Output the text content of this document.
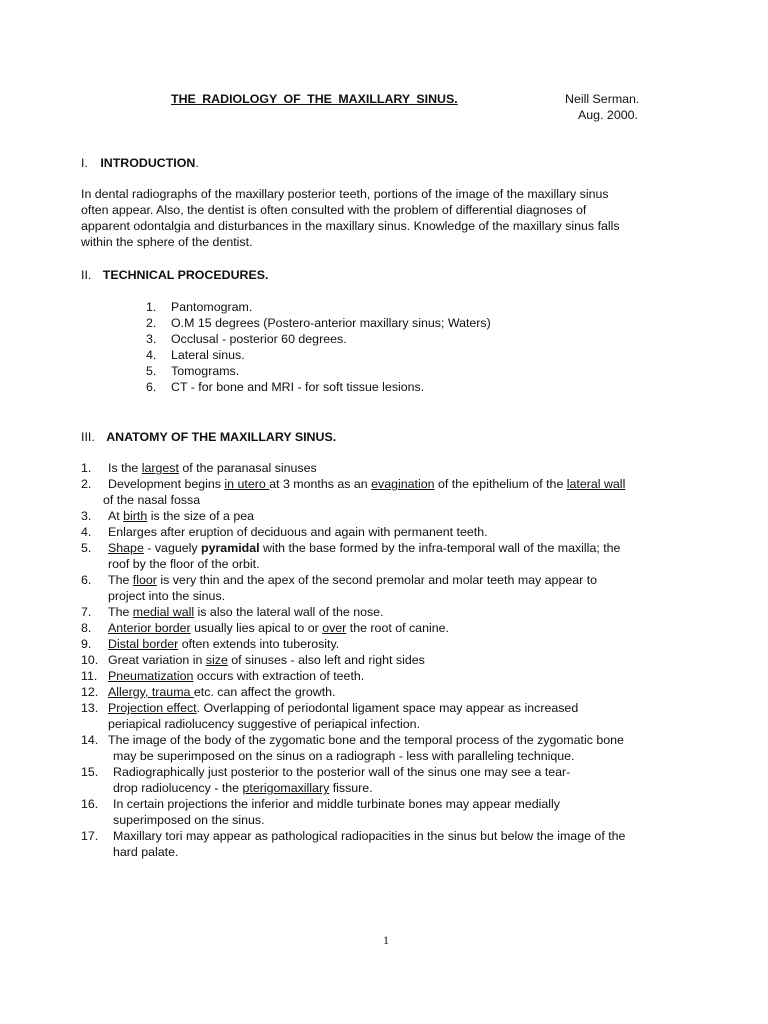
THE RADIOLOGY OF THE MAXILLARY SINUS.	Neill Serman.
Aug. 2000.
I. INTRODUCTION.
In dental radiographs of the maxillary posterior teeth, portions of the image of the maxillary sinus
often appear. Also, the dentist is often consulted with the problem of differential diagnoses of
apparent odontalgia and disturbances in the maxillary sinus. Knowledge of the maxillary sinus falls
within the sphere of the dentist.
II. TECHNICAL PROCEDURES.
1.	Pantomogram.
2.	O.M 15 degrees (Postero-anterior maxillary sinus; Waters)
3.	Occlusal - posterior 60 degrees.
4.	Lateral sinus.
5.	Tomograms.
6.	CT - for bone and MRI - for soft tissue lesions.
III. ANATOMY OF THE MAXILLARY SINUS.
1. Is the largest of the paranasal sinuses
2. Development begins in utero at 3 months as an evagination of the epithelium of the lateral wall
of the nasal fossa
3. At birth is the size of a pea
4. Enlarges after eruption of deciduous and again with permanent teeth.
5. Shape - vaguely pyramidal with the base formed by the infra-temporal wall of the maxilla; the
roof by the floor of the orbit.
6. The floor is very thin and the apex of the second premolar and molar teeth may appear to
project into the sinus.
7. The medial wall is also the lateral wall of the nose.
8. Anterior border usually lies apical to or over the root of canine.
9. Distal border often extends into tuberosity.
10. Great variation in size of sinuses - also left and right sides
11. Pneumatization occurs with extraction of teeth.
12. Allergy, trauma etc. can affect the growth.
13. Projection effect. Overlapping of periodontal ligament space may appear as increased
periapical radiolucency suggestive of periapical infection.
14. The image of the body of the zygomatic bone and the temporal process of the zygomatic bone
may be superimposed on the sinus on a radiograph - less with paralleling technique.
15. Radiographically just posterior to the posterior wall of the sinus one may see a tear-
drop radiolucency - the pterigomaxillary fissure.
16. In certain projections the inferior and middle turbinate bones may appear medially
superimposed on the sinus.
17. Maxillary tori may appear as pathological radiopacities in the sinus but below the image of the
hard palate.
1
